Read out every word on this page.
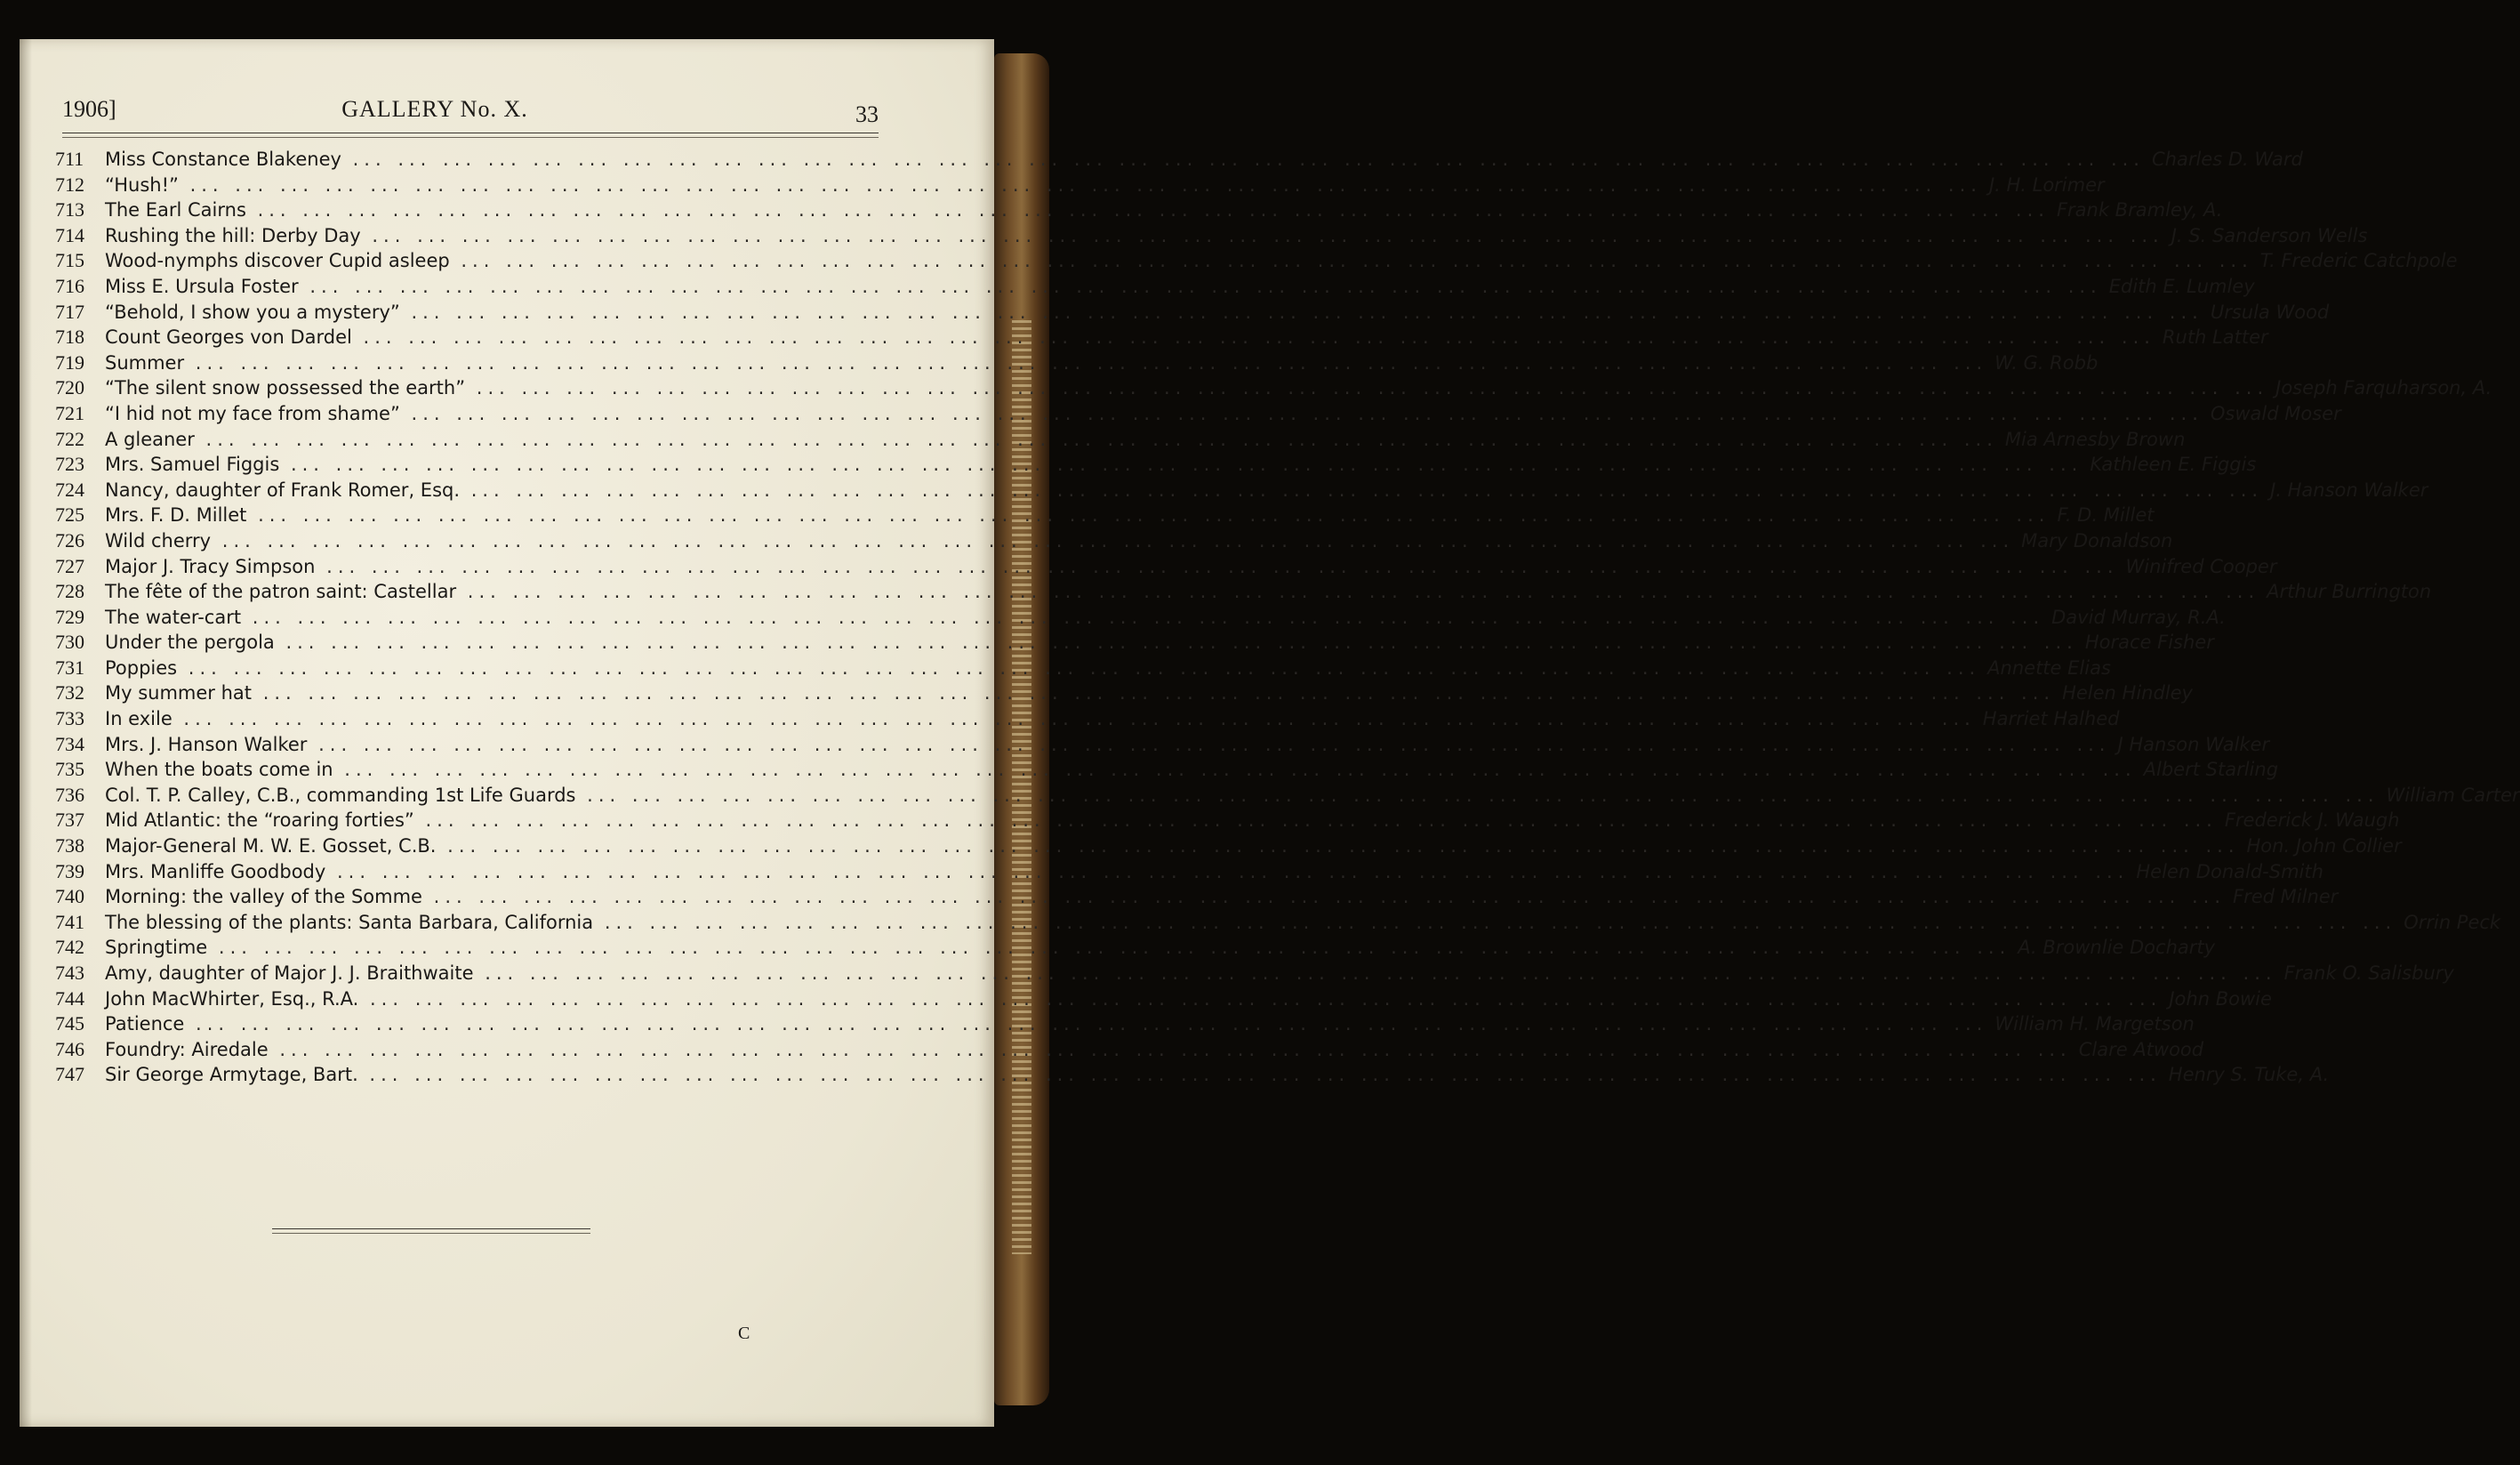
1906]	GALLERY No. X.	33
711	Miss Constance Blakeney ... ... ... ... ... ... ... ... ... ... ... ... ... ... ... ... ... ... ... ... ... ... ... ... ... ... ... ... ... ... ... ... ... ... ... ... ... ... ... ... Charles D. Ward
712	“Hush!” ... ... ... ... ... ... ... ... ... ... ... ... ... ... ... ... ... ... ... ... ... ... ... ... ... ... ... ... ... ... ... ... ... ... ... ... ... ... ... ... J. H. Lorimer
713	The Earl Cairns ... ... ... ... ... ... ... ... ... ... ... ... ... ... ... ... ... ... ... ... ... ... ... ... ... ... ... ... ... ... ... ... ... ... ... ... ... ... ... ... Frank Bramley, A.
714	Rushing the hill: Derby Day ... ... ... ... ... ... ... ... ... ... ... ... ... ... ... ... ... ... ... ... ... ... ... ... ... ... ... ... ... ... ... ... ... ... ... ... ... ... ... ... J. S. Sanderson Wells
715	Wood-nymphs discover Cupid asleep ... ... ... ... ... ... ... ... ... ... ... ... ... ... ... ... ... ... ... ... ... ... ... ... ... ... ... ... ... ... ... ... ... ... ... ... ... ... ... ... T. Frederic Catchpole
716	Miss E. Ursula Foster ... ... ... ... ... ... ... ... ... ... ... ... ... ... ... ... ... ... ... ... ... ... ... ... ... ... ... ... ... ... ... ... ... ... ... ... ... ... ... ... Edith E. Lumley
717	“Behold, I show you a mystery” ... ... ... ... ... ... ... ... ... ... ... ... ... ... ... ... ... ... ... ... ... ... ... ... ... ... ... ... ... ... ... ... ... ... ... ... ... ... ... ... Ursula Wood
718	Count Georges von Dardel ... ... ... ... ... ... ... ... ... ... ... ... ... ... ... ... ... ... ... ... ... ... ... ... ... ... ... ... ... ... ... ... ... ... ... ... ... ... ... ... Ruth Latter
719	Summer ... ... ... ... ... ... ... ... ... ... ... ... ... ... ... ... ... ... ... ... ... ... ... ... ... ... ... ... ... ... ... ... ... ... ... ... ... ... ... ... W. G. Robb
720	“The silent snow possessed the earth” ... ... ... ... ... ... ... ... ... ... ... ... ... ... ... ... ... ... ... ... ... ... ... ... ... ... ... ... ... ... ... ... ... ... ... ... ... ... ... ... Joseph Farquharson, A.
721	“I hid not my face from shame” ... ... ... ... ... ... ... ... ... ... ... ... ... ... ... ... ... ... ... ... ... ... ... ... ... ... ... ... ... ... ... ... ... ... ... ... ... ... ... ... Oswald Moser
722	A gleaner ... ... ... ... ... ... ... ... ... ... ... ... ... ... ... ... ... ... ... ... ... ... ... ... ... ... ... ... ... ... ... ... ... ... ... ... ... ... ... ... Mia Arnesby Brown
723	Mrs. Samuel Figgis ... ... ... ... ... ... ... ... ... ... ... ... ... ... ... ... ... ... ... ... ... ... ... ... ... ... ... ... ... ... ... ... ... ... ... ... ... ... ... ... Kathleen E. Figgis
724	Nancy, daughter of Frank Romer, Esq. ... ... ... ... ... ... ... ... ... ... ... ... ... ... ... ... ... ... ... ... ... ... ... ... ... ... ... ... ... ... ... ... ... ... ... ... ... ... ... ... J. Hanson Walker
725	Mrs. F. D. Millet ... ... ... ... ... ... ... ... ... ... ... ... ... ... ... ... ... ... ... ... ... ... ... ... ... ... ... ... ... ... ... ... ... ... ... ... ... ... ... ... F. D. Millet
726	Wild cherry ... ... ... ... ... ... ... ... ... ... ... ... ... ... ... ... ... ... ... ... ... ... ... ... ... ... ... ... ... ... ... ... ... ... ... ... ... ... ... ... Mary Donaldson
727	Major J. Tracy Simpson ... ... ... ... ... ... ... ... ... ... ... ... ... ... ... ... ... ... ... ... ... ... ... ... ... ... ... ... ... ... ... ... ... ... ... ... ... ... ... ... Winifred Cooper
728	The fête of the patron saint: Castellar ... ... ... ... ... ... ... ... ... ... ... ... ... ... ... ... ... ... ... ... ... ... ... ... ... ... ... ... ... ... ... ... ... ... ... ... ... ... ... ... Arthur Burrington
729	The water-cart ... ... ... ... ... ... ... ... ... ... ... ... ... ... ... ... ... ... ... ... ... ... ... ... ... ... ... ... ... ... ... ... ... ... ... ... ... ... ... ... David Murray, R.A.
730	Under the pergola ... ... ... ... ... ... ... ... ... ... ... ... ... ... ... ... ... ... ... ... ... ... ... ... ... ... ... ... ... ... ... ... ... ... ... ... ... ... ... ... Horace Fisher
731	Poppies ... ... ... ... ... ... ... ... ... ... ... ... ... ... ... ... ... ... ... ... ... ... ... ... ... ... ... ... ... ... ... ... ... ... ... ... ... ... ... ... Annette Elias
732	My summer hat ... ... ... ... ... ... ... ... ... ... ... ... ... ... ... ... ... ... ... ... ... ... ... ... ... ... ... ... ... ... ... ... ... ... ... ... ... ... ... ... Helen Hindley
733	In exile ... ... ... ... ... ... ... ... ... ... ... ... ... ... ... ... ... ... ... ... ... ... ... ... ... ... ... ... ... ... ... ... ... ... ... ... ... ... ... ... Harriet Halhed
734	Mrs. J. Hanson Walker ... ... ... ... ... ... ... ... ... ... ... ... ... ... ... ... ... ... ... ... ... ... ... ... ... ... ... ... ... ... ... ... ... ... ... ... ... ... ... ... J Hanson Walker
735	When the boats come in ... ... ... ... ... ... ... ... ... ... ... ... ... ... ... ... ... ... ... ... ... ... ... ... ... ... ... ... ... ... ... ... ... ... ... ... ... ... ... ... Albert Starling
736	Col. T. P. Calley, C.B., commanding 1st Life Guards ... ... ... ... ... ... ... ... ... ... ... ... ... ... ... ... ... ... ... ... ... ... ... ... ... ... ... ... ... ... ... ... ... ... ... ... ... ... ... ... William Carter
737	Mid Atlantic: the “roaring forties” ... ... ... ... ... ... ... ... ... ... ... ... ... ... ... ... ... ... ... ... ... ... ... ... ... ... ... ... ... ... ... ... ... ... ... ... ... ... ... ... Frederick J. Waugh
738	Major-General M. W. E. Gosset, C.B. ... ... ... ... ... ... ... ... ... ... ... ... ... ... ... ... ... ... ... ... ... ... ... ... ... ... ... ... ... ... ... ... ... ... ... ... ... ... ... ... Hon. John Collier
739	Mrs. Manliffe Goodbody ... ... ... ... ... ... ... ... ... ... ... ... ... ... ... ... ... ... ... ... ... ... ... ... ... ... ... ... ... ... ... ... ... ... ... ... ... ... ... ... Helen Donald-Smith
740	Morning: the valley of the Somme ... ... ... ... ... ... ... ... ... ... ... ... ... ... ... ... ... ... ... ... ... ... ... ... ... ... ... ... ... ... ... ... ... ... ... ... ... ... ... ... Fred Milner
741	The blessing of the plants: Santa Barbara, California ... ... ... ... ... ... ... ... ... ... ... ... ... ... ... ... ... ... ... ... ... ... ... ... ... ... ... ... ... ... ... ... ... ... ... ... ... ... ... ... Orrin Peck
742	Springtime ... ... ... ... ... ... ... ... ... ... ... ... ... ... ... ... ... ... ... ... ... ... ... ... ... ... ... ... ... ... ... ... ... ... ... ... ... ... ... ... A. Brownlie Docharty
743	Amy, daughter of Major J. J. Braithwaite ... ... ... ... ... ... ... ... ... ... ... ... ... ... ... ... ... ... ... ... ... ... ... ... ... ... ... ... ... ... ... ... ... ... ... ... ... ... ... ... Frank O. Salisbury
744	John MacWhirter, Esq., R.A. ... ... ... ... ... ... ... ... ... ... ... ... ... ... ... ... ... ... ... ... ... ... ... ... ... ... ... ... ... ... ... ... ... ... ... ... ... ... ... ... John Bowie
745	Patience ... ... ... ... ... ... ... ... ... ... ... ... ... ... ... ... ... ... ... ... ... ... ... ... ... ... ... ... ... ... ... ... ... ... ... ... ... ... ... ... William H. Margetson
746	Foundry: Airedale ... ... ... ... ... ... ... ... ... ... ... ... ... ... ... ... ... ... ... ... ... ... ... ... ... ... ... ... ... ... ... ... ... ... ... ... ... ... ... ... Clare Atwood
747	Sir George Armytage, Bart. ... ... ... ... ... ... ... ... ... ... ... ... ... ... ... ... ... ... ... ... ... ... ... ... ... ... ... ... ... ... ... ... ... ... ... ... ... ... ... ... Henry S. Tuke, A.
C
